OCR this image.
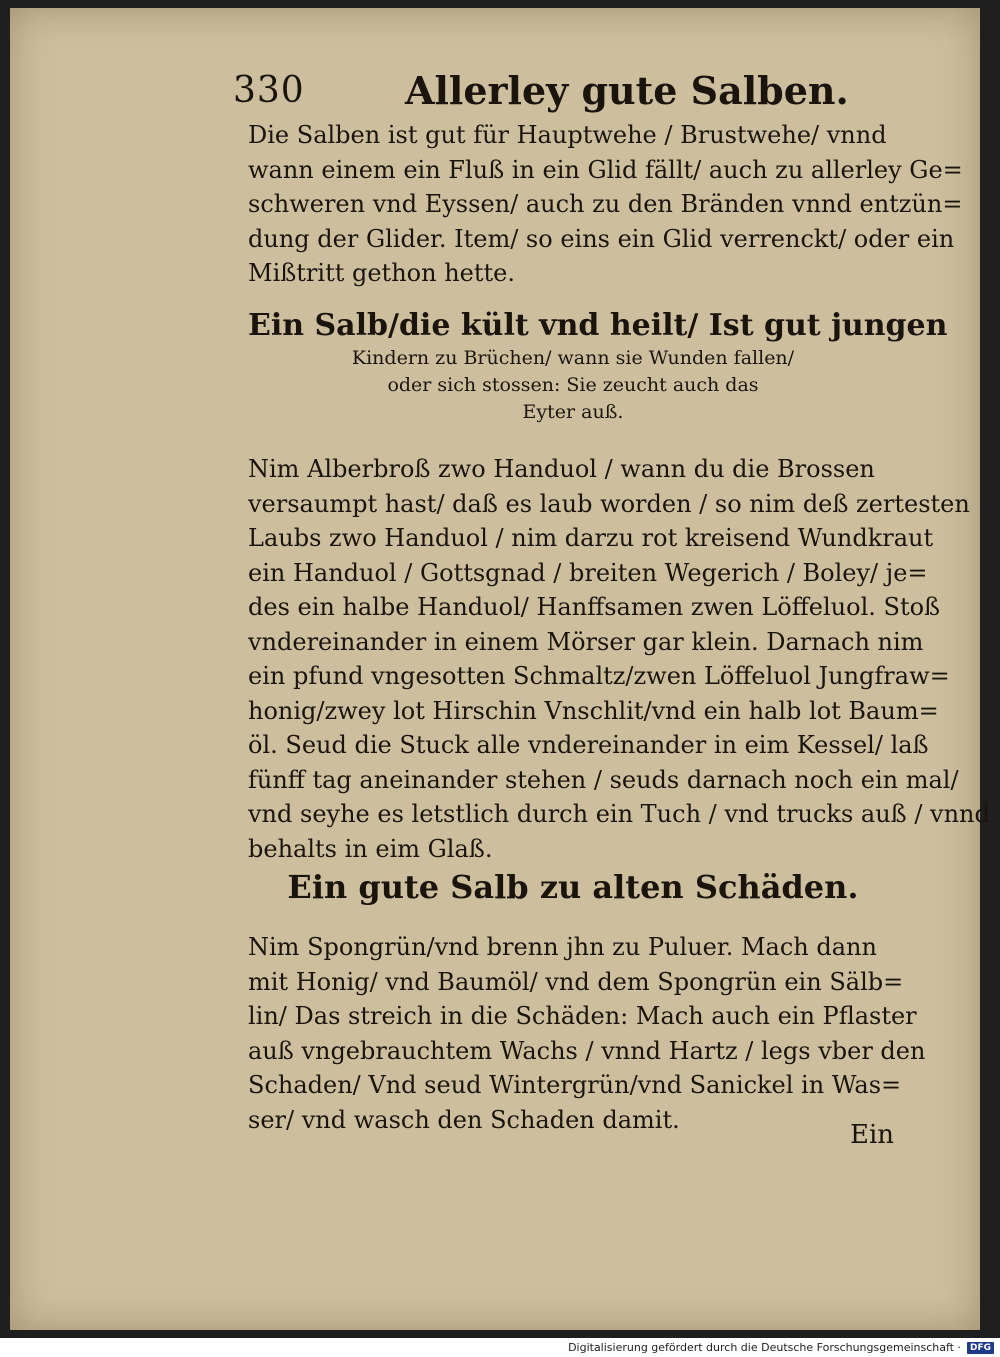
330	Allerley gute Salben.
Die Salben ist gut für Hauptwehe / Brustwehe/ vnnd
wann einem ein Fluß in ein Glid fällt/ auch zu allerley Ge=
schweren vnd Eyssen/ auch zu den Bränden vnnd entzün=
dung der Glider. Item/ so eins ein Glid verrenckt/ oder ein
Mißtritt gethon hette.
Ein Salb/die kült vnd heilt/ Ist gut jungen
Kindern zu Brüchen/ wann sie Wunden fallen/
oder sich stossen: Sie zeucht auch das
Eyter auß.
Nim Alberbroß zwo Handuol / wann du die Brossen
versaumpt hast/ daß es laub worden / so nim deß zertesten
Laubs zwo Handuol / nim darzu rot kreisend Wundkraut
ein Handuol / Gottsgnad / breiten Wegerich / Boley/ je=
des ein halbe Handuol/ Hanffsamen zwen Löffeluol. Stoß
vndereinander in einem Mörser gar klein. Darnach nim
ein pfund vngesotten Schmaltz/zwen Löffeluol Jungfraw=
honig/zwey lot Hirschin Vnschlit/vnd ein halb lot Baum=
öl. Seud die Stuck alle vndereinander in eim Kessel/ laß
fünff tag aneinander stehen / seuds darnach noch ein mal/
vnd seyhe es letstlich durch ein Tuch / vnd trucks auß / vnnd
behalts in eim Glaß.
Ein gute Salb zu alten Schäden.
Nim Spongrün/vnd brenn jhn zu Puluer. Mach dann
mit Honig/ vnd Baumöl/ vnd dem Spongrün ein Sälb=
lin/ Das streich in die Schäden: Mach auch ein Pflaster
auß vngebrauchtem Wachs / vnnd Hartz / legs vber den
Schaden/ Vnd seud Wintergrün/vnd Sanickel in Was=
ser/ vnd wasch den Schaden damit.
Ein
Digitalisierung gefördert durch die Deutsche Forschungsgemeinschaft · DFG
